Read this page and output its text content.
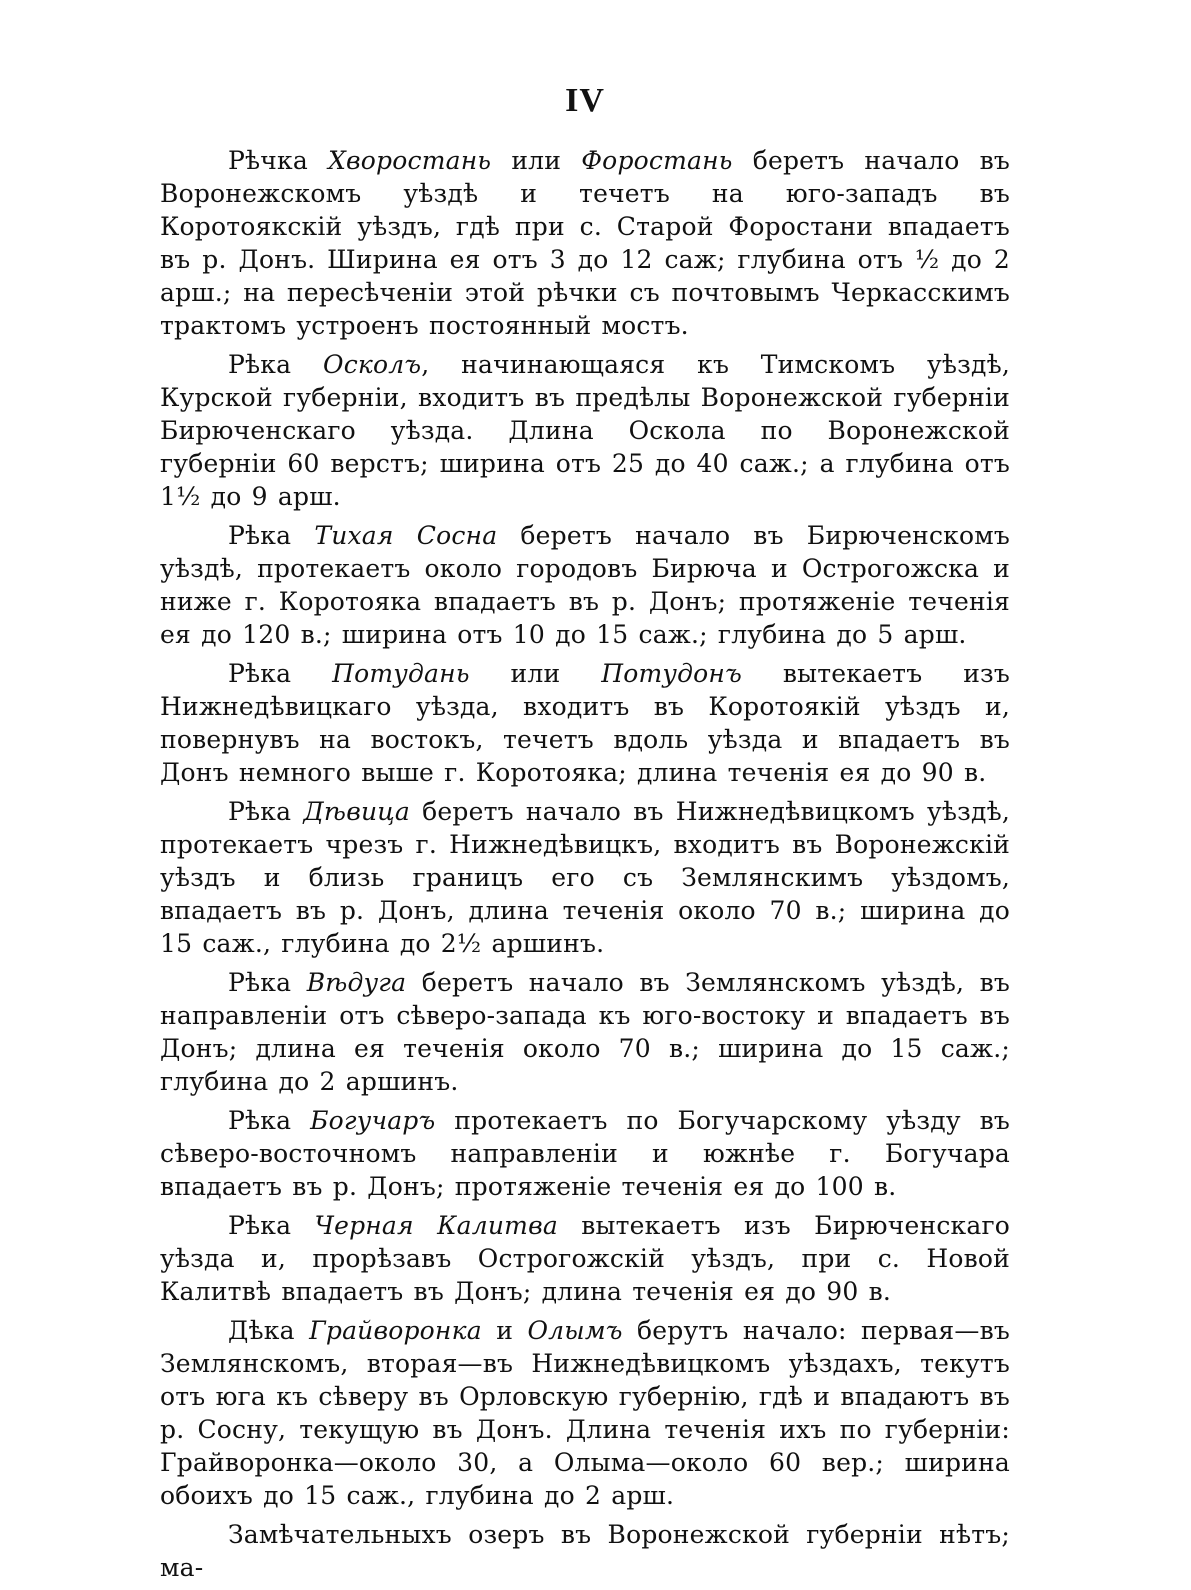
IV
Рѣчка Хворостань или Форостань беретъ начало въ Воронежскомъ уѣздѣ и течетъ на юго-западъ въ Коротоякскій уѣздъ, гдѣ при с. Старой Форостани впадаетъ въ р. Донъ. Ширина ея отъ 3 до 12 саж; глубина отъ ½ до 2 арш.; на пересѣченіи этой рѣчки съ почтовымъ Черкасскимъ трактомъ устроенъ постоянный мостъ.
Рѣка Осколъ, начинающаяся къ Тимскомъ уѣздѣ, Курской губерніи, входитъ въ предѣлы Воронежской губерніи Бирюченскаго уѣзда. Длина Оскола по Воронежской губерніи 60 верстъ; ширина отъ 25 до 40 саж.; а глубина отъ 1½ до 9 арш.
Рѣка Тихая Сосна беретъ начало въ Бирюченскомъ уѣздѣ, протекаетъ около городовъ Бирюча и Острогожска и ниже г. Коротояка впадаетъ въ р. Донъ; протяженіе теченія ея до 120 в.; ширина отъ 10 до 15 саж.; глубина до 5 арш.
Рѣка Потудань или Потудонъ вытекаетъ изъ Нижнедѣвицкаго уѣзда, входитъ въ Коротоякій уѣздъ и, повернувъ на востокъ, течетъ вдоль уѣзда и впадаетъ въ Донъ немного выше г. Коротояка; длина теченія ея до 90 в.
Рѣка Дѣвица беретъ начало въ Нижнедѣвицкомъ уѣздѣ, протекаетъ чрезъ г. Нижнедѣвицкъ, входитъ въ Воронежскій уѣздъ и близь границъ его съ Землянскимъ уѣздомъ, впадаетъ въ р. Донъ, длина теченія около 70 в.; ширина до 15 саж., глубина до 2½ аршинъ.
Рѣка Вѣдуга беретъ начало въ Землянскомъ уѣздѣ, въ направленіи отъ сѣверо-запада къ юго-востоку и впадаетъ въ Донъ; длина ея теченія около 70 в.; ширина до 15 саж.; глубина до 2 аршинъ.
Рѣка Богучаръ протекаетъ по Богучарскому уѣзду въ сѣверо-восточномъ направленіи и южнѣе г. Богучара впадаетъ въ р. Донъ; протяженіе теченія ея до 100 в.
Рѣка Черная Калитва вытекаетъ изъ Бирюченскаго уѣзда и, прорѣзавъ Острогожскій уѣздъ, при с. Новой Калитвѣ впадаетъ въ Донъ; длина теченія ея до 90 в.
Дѣка Грайворонка и Олымъ берутъ начало: первая—въ Землянскомъ, вторая—въ Нижнедѣвицкомъ уѣздахъ, текутъ отъ юга къ сѣверу въ Орловскую губернію, гдѣ и впадаютъ въ р. Сосну, текущую въ Донъ. Длина теченія ихъ по губерніи: Грайворонка—около 30, а Олыма—около 60 вер.; ширина обоихъ до 15 саж., глубина до 2 арш.
Замѣчательныхъ озеръ въ Воронежской губерніи нѣтъ; ма-
